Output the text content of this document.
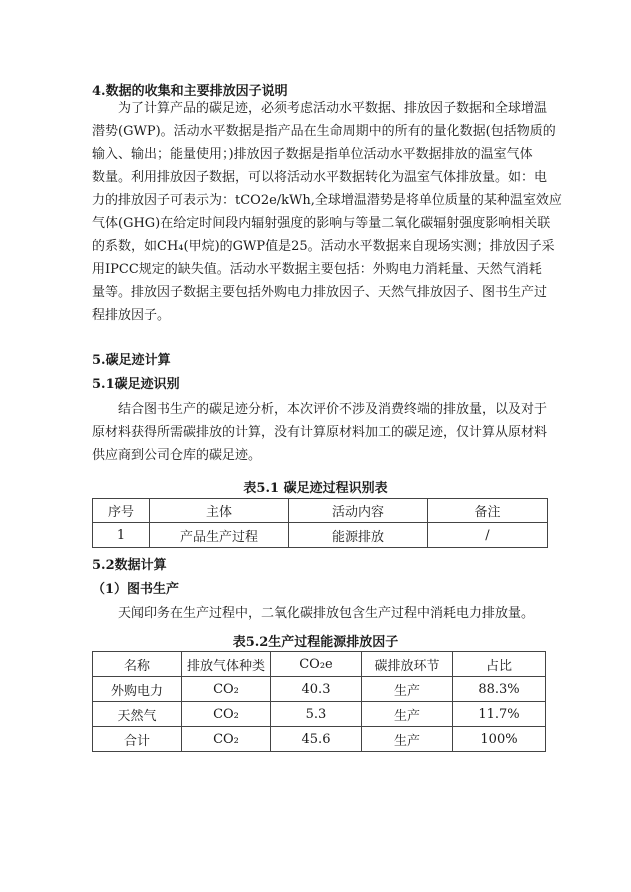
4.数据的收集和主要排放因子说明
为了计算产品的碳足迹，必须考虑活动水平数据、排放因子数据和全球增温
潜势(GWP)。活动水平数据是指产品在生命周期中的所有的量化数据(包括物质的
输入、输出；能量使用；)排放因子数据是指单位活动水平数据排放的温室气体
数量。利用排放因子数据，可以将活动水平数据转化为温室气体排放量。如：电
力的排放因子可表示为：tCO2e/kWh,全球增温潜势是将单位质量的某种温室效应
气体(GHG)在给定时间段内辐射强度的影响与等量二氧化碳辐射强度影响相关联
的系数，如CH₄(甲烷)的GWP值是25。活动水平数据来自现场实测；排放因子采
用IPCC规定的缺失值。活动水平数据主要包括：外购电力消耗量、天然气消耗
量等。排放因子数据主要包括外购电力排放因子、天然气排放因子、图书生产过
程排放因子。
5.碳足迹计算
5.1碳足迹识别
结合图书生产的碳足迹分析，本次评价不涉及消费终端的排放量，以及对于
原材料获得所需碳排放的计算，没有计算原材料加工的碳足迹，仅计算从原材料
供应商到公司仓库的碳足迹。
表5.1 碳足迹过程识别表
序号	主体	活动内容	备注
1	产品生产过程	能源排放	/
5.2数据计算
（1）图书生产
天闻印务在生产过程中，二氧化碳排放包含生产过程中消耗电力排放量。
表5.2生产过程能源排放因子
名称	排放气体种类	CO₂e	碳排放环节	占比
外购电力	CO₂	40.3	生产	88.3%
天然气	CO₂	5.3	生产	11.7%
合计	CO₂	45.6	生产	100%
